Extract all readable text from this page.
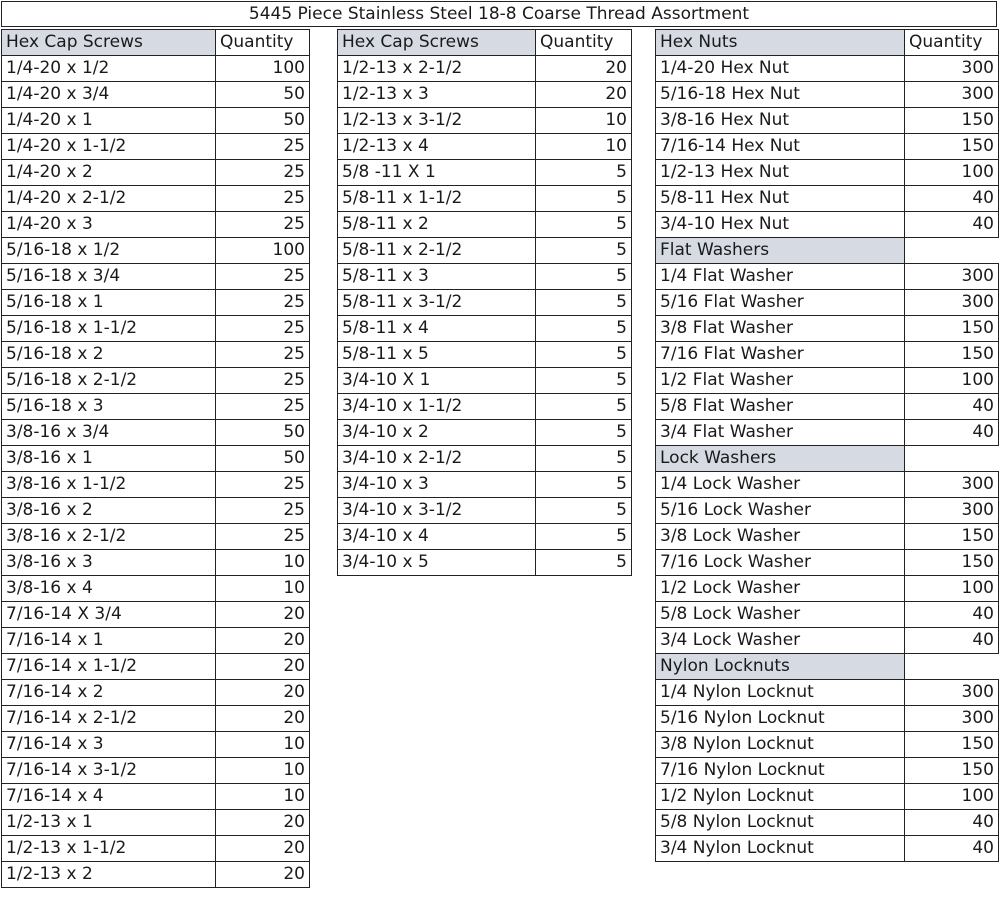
5445 Piece Stainless Steel 18-8 Coarse Thread Assortment
Hex Cap Screws	Quantity
1/4-20 x 1/2	100
1/4-20 x 3/4	50
1/4-20 x 1	50
1/4-20 x 1-1/2	25
1/4-20 x 2	25
1/4-20 x 2-1/2	25
1/4-20 x 3	25
5/16-18 x 1/2	100
5/16-18 x 3/4	25
5/16-18 x 1	25
5/16-18 x 1-1/2	25
5/16-18 x 2	25
5/16-18 x 2-1/2	25
5/16-18 x 3	25
3/8-16 x 3/4	50
3/8-16 x 1	50
3/8-16 x 1-1/2	25
3/8-16 x 2	25
3/8-16 x 2-1/2	25
3/8-16 x 3	10
3/8-16 x 4	10
7/16-14 X 3/4	20
7/16-14 x 1	20
7/16-14 x 1-1/2	20
7/16-14 x 2	20
7/16-14 x 2-1/2	20
7/16-14 x 3	10
7/16-14 x 3-1/2	10
7/16-14 x 4	10
1/2-13 x 1	20
1/2-13 x 1-1/2	20
1/2-13 x 2	20
Hex Cap Screws	Quantity
1/2-13 x 2-1/2	20
1/2-13 x 3	20
1/2-13 x 3-1/2	10
1/2-13 x 4	10
5/8 -11 X 1	5
5/8-11 x 1-1/2	5
5/8-11 x 2	5
5/8-11 x 2-1/2	5
5/8-11 x 3	5
5/8-11 x 3-1/2	5
5/8-11 x 4	5
5/8-11 x 5	5
3/4-10 X 1	5
3/4-10 x 1-1/2	5
3/4-10 x 2	5
3/4-10 x 2-1/2	5
3/4-10 x 3	5
3/4-10 x 3-1/2	5
3/4-10 x 4	5
3/4-10 x 5	5
Hex Nuts	Quantity
1/4-20 Hex Nut	300
5/16-18 Hex Nut	300
3/8-16 Hex Nut	150
7/16-14 Hex Nut	150
1/2-13 Hex Nut	100
5/8-11 Hex Nut	40
3/4-10 Hex Nut	40
Flat Washers	
1/4 Flat Washer	300
5/16 Flat Washer	300
3/8 Flat Washer	150
7/16 Flat Washer	150
1/2 Flat Washer	100
5/8 Flat Washer	40
3/4 Flat Washer	40
Lock Washers	
1/4 Lock Washer	300
5/16 Lock Washer	300
3/8 Lock Washer	150
7/16 Lock Washer	150
1/2 Lock Washer	100
5/8 Lock Washer	40
3/4 Lock Washer	40
Nylon Locknuts	
1/4 Nylon Locknut	300
5/16 Nylon Locknut	300
3/8 Nylon Locknut	150
7/16 Nylon Locknut	150
1/2 Nylon Locknut	100
5/8 Nylon Locknut	40
3/4 Nylon Locknut	40
